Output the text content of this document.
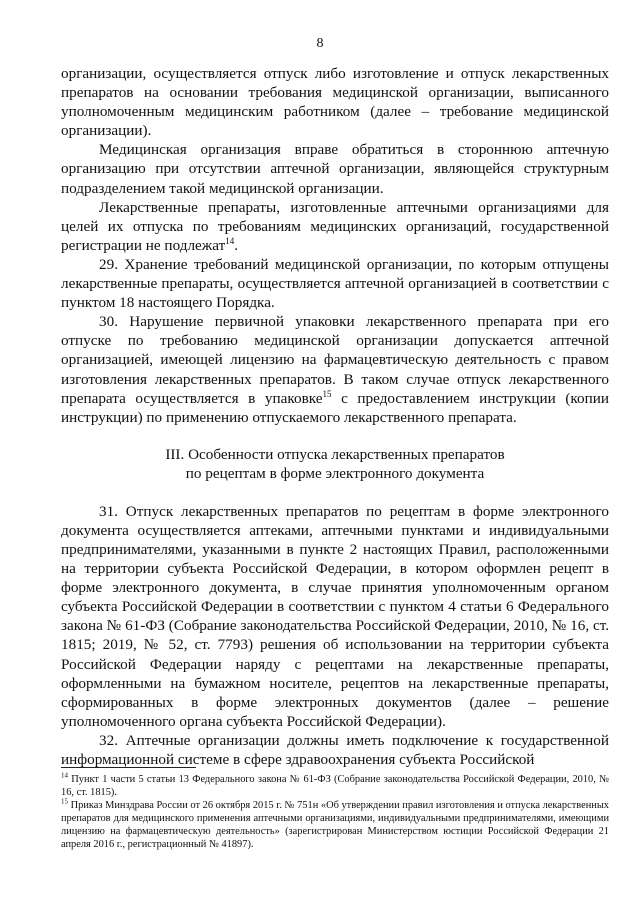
8

организации, осуществляется отпуск либо изготовление и отпуск лекарственных препаратов на основании требования медицинской организации, выписанного уполномоченным медицинским работником (далее – требование медицинской организации).

Медицинская организация вправе обратиться в стороннюю аптечную организацию при отсутствии аптечной организации, являющейся структурным подразделением такой медицинской организации.

Лекарственные препараты, изготовленные аптечными организациями для целей их отпуска по требованиям медицинских организаций, государственной регистрации не подлежат$^{14}$.

29. Хранение требований медицинской организации, по которым отпущены лекарственные препараты, осуществляется аптечной организацией в соответствии с пунктом 18 настоящего Порядка.

30. Нарушение первичной упаковки лекарственного препарата при его отпуске по требованию медицинской организации допускается аптечной организацией, имеющей лицензию на фармацевтическую деятельность с правом изготовления лекарственных препаратов. В таком случае отпуск лекарственного препарата осуществляется в упаковке$^{15}$ с предоставлением инструкции (копии инструкции) по применению отпускаемого лекарственного препарата.

III. Особенности отпуска лекарственных препаратов
по рецептам в форме электронного документа

31. Отпуск лекарственных препаратов по рецептам в форме электронного документа осуществляется аптеками, аптечными пунктами и индивидуальными предпринимателями, указанными в пункте 2 настоящих Правил, расположенными на территории субъекта Российской Федерации, в котором оформлен рецепт в форме электронного документа, в случае принятия уполномоченным органом субъекта Российской Федерации в соответствии с пунктом 4 статьи 6 Федерального закона № 61-ФЗ (Собрание законодательства Российской Федерации, 2010, № 16, ст. 1815; 2019, № 52, ст. 7793) решения об использовании на территории субъекта Российской Федерации наряду с рецептами на лекарственные препараты, оформленными на бумажном носителе, рецептов на лекарственные препараты, сформированных в форме электронных документов (далее – решение уполномоченного органа субъекта Российской Федерации).

32. Аптечные организации должны иметь подключение к государственной информационной системе в сфере здравоохранения субъекта Российской

$^{14}$ Пункт 1 части 5 статьи 13 Федерального закона № 61-ФЗ (Собрание законодательства Российской Федерации, 2010, № 16, ст. 1815).

$^{15}$ Приказ Минздрава России от 26 октября 2015 г. № 751н «Об утверждении правил изготовления и отпуска лекарственных препаратов для медицинского применения аптечными организациями, индивидуальными предпринимателями, имеющими лицензию на фармацевтическую деятельность» (зарегистрирован Министерством юстиции Российской Федерации 21 апреля 2016 г., регистрационный № 41897).
